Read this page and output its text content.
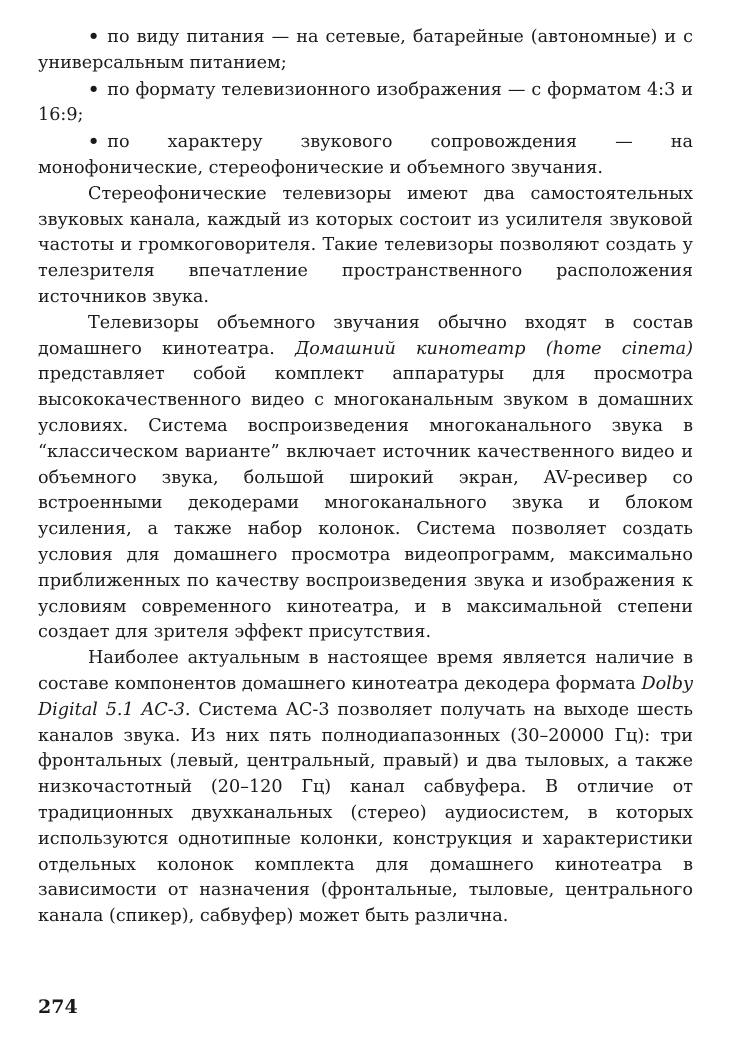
• по виду питания — на сетевые, батарейные (автономные) и с универсальным питанием;

• по формату телевизионного изображения — с форматом 4:3 и 16:9;

• по характеру звукового сопровождения — на монофонические, стереофонические и объемного звучания.

Стереофонические телевизоры имеют два самостоятельных звуковых канала, каждый из которых состоит из усилителя звуковой частоты и громкоговорителя. Такие телевизоры позволяют создать у телезрителя впечатление пространственного расположения источников звука.

Телевизоры объемного звучания обычно входят в состав домашнего кинотеатра. Домашний кинотеатр (home cinema) представляет собой комплект аппаратуры для просмотра высококачественного видео с многоканальным звуком в домашних условиях. Система воспроизведения многоканального звука в “классическом варианте” включает источник качественного видео и объемного звука, большой широкий экран, AV-ресивер со встроенными декодерами многоканального звука и блоком усиления, а также набор колонок. Система позволяет создать условия для домашнего просмотра видеопрограмм, максимально приближенных по качеству воспроизведения звука и изображения к условиям современного кинотеатра, и в максимальной степени создает для зрителя эффект присутствия.

Наиболее актуальным в настоящее время является наличие в составе компонентов домашнего кинотеатра декодера формата Dolby Digital 5.1 AC-3. Система АС-3 позволяет получать на выходе шесть каналов звука. Из них пять полнодиапазонных (30–20000 Гц): три фронтальных (левый, центральный, правый) и два тыловых, а также низкочастотный (20–120 Гц) канал сабвуфера. В отличие от традиционных двухканальных (стерео) аудиосистем, в которых используются однотипные колонки, конструкция и характеристики отдельных колонок комплекта для домашнего кинотеатра в зависимости от назначения (фронтальные, тыловые, центрального канала (спикер), сабвуфер) может быть различна.

274
